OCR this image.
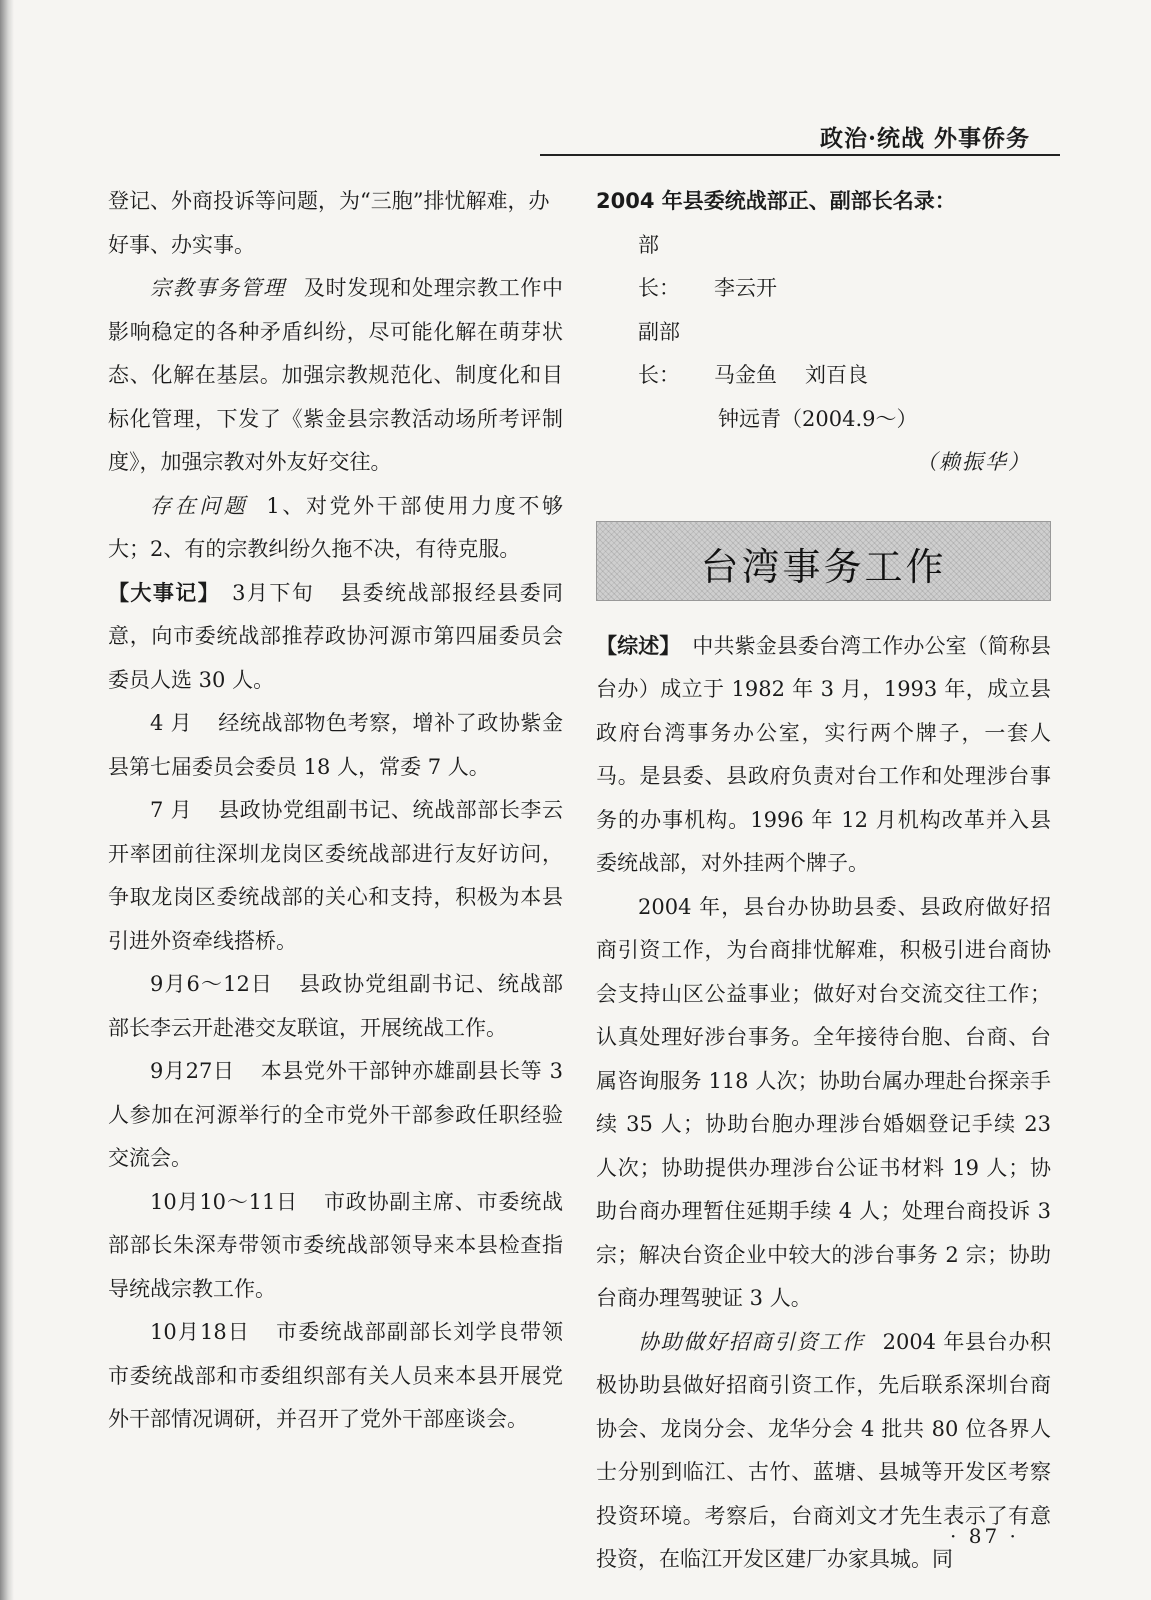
政治·统战 外事侨务
登记、外商投诉等问题，为“三胞”排忧解难，办
好事、办实事。

宗教事务管理 及时发现和处理宗教工作中影响稳定的各种矛盾纠纷，尽可能化解在萌芽状态、化解在基层。加强宗教规范化、制度化和目标化管理，下发了《紫金县宗教活动场所考评制度》，加强宗教对外友好交往。

存在问题 1、对党外干部使用力度不够大；2、有的宗教纠纷久拖不决，有待克服。

【大事记】 3月下旬 县委统战部报经县委同意，向市委统战部推荐政协河源市第四届委员会委员人选 30 人。

4 月 经统战部物色考察，增补了政协紫金县第七届委员会委员 18 人，常委 7 人。

7 月 县政协党组副书记、统战部部长李云开率团前往深圳龙岗区委统战部进行友好访问，争取龙岗区委统战部的关心和支持，积极为本县引进外资牵线搭桥。

9月6～12日 县政协党组副书记、统战部部长李云开赴港交友联谊，开展统战工作。

9月27日 本县党外干部钟亦雄副县长等 3 人参加在河源举行的全市党外干部参政任职经验交流会。

10月10～11日 市政协副主席、市委统战部部长朱深寿带领市委统战部领导来本县检查指导统战宗教工作。

10月18日 市委统战部副部长刘学良带领市委统战部和市委组织部有关人员来本县开展党外干部情况调研，并召开了党外干部座谈会。

2004 年县委统战部正、副部长名录：
部　长： 李云开
副部长： 马金鱼 刘百良
钟远青（2004.9～）
（赖振华）
台湾事务工作

【综述】 中共紫金县委台湾工作办公室（简称县台办）成立于 1982 年 3 月，1993 年，成立县政府台湾事务办公室，实行两个牌子，一套人马。是县委、县政府负责对台工作和处理涉台事务的办事机构。1996 年 12 月机构改革并入县委统战部，对外挂两个牌子。

2004 年，县台办协助县委、县政府做好招商引资工作，为台商排忧解难，积极引进台商协会支持山区公益事业；做好对台交流交往工作；认真处理好涉台事务。全年接待台胞、台商、台属咨询服务 118 人次；协助台属办理赴台探亲手续 35 人；协助台胞办理涉台婚姻登记手续 23 人次；协助提供办理涉台公证书材料 19 人；协助台商办理暂住延期手续 4 人；处理台商投诉 3 宗；解决台资企业中较大的涉台事务 2 宗；协助台商办理驾驶证 3 人。

协助做好招商引资工作 2004 年县台办积极协助县做好招商引资工作，先后联系深圳台商协会、龙岗分会、龙华分会 4 批共 80 位各界人士分别到临江、古竹、蓝塘、县城等开发区考察投资环境。考察后，台商刘文才先生表示了有意投资，在临江开发区建厂办家具城。同

· 87 ·
